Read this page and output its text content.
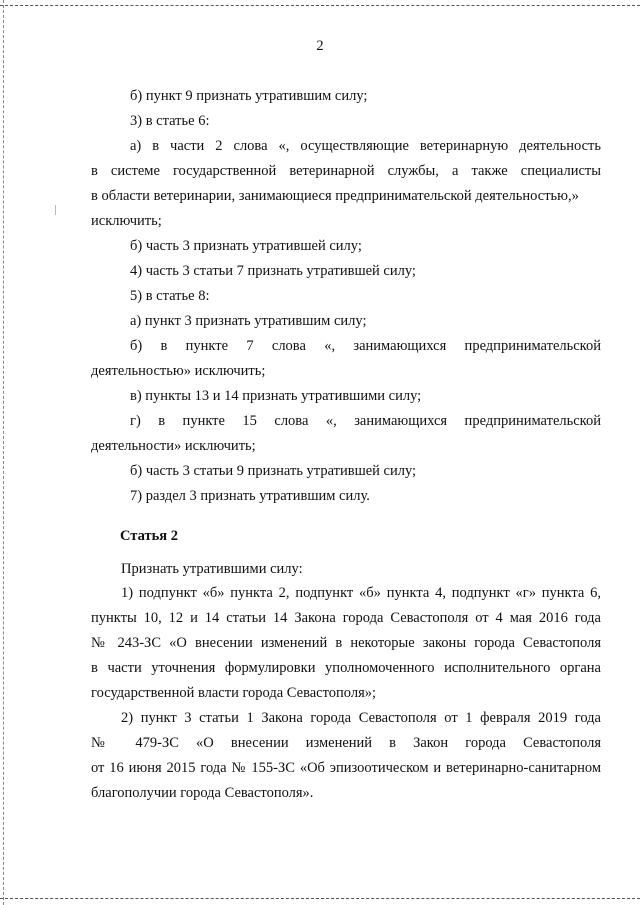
2
б) пункт 9 признать утратившим силу;
3) в статье 6:
а) в части 2 слова «, осуществляющие ветеринарную деятельность
в системе государственной ветеринарной службы, а также специалисты
в области ветеринарии, занимающиеся предпринимательской деятельностью,»
исключить;
б) часть 3 признать утратившей силу;
4) часть 3 статьи 7 признать утратившей силу;
5) в статье 8:
а) пункт 3 признать утратившим силу;
б) в пункте 7 слова «, занимающихся предпринимательской
деятельностью» исключить;
в) пункты 13 и 14 признать утратившими силу;
г) в пункте 15 слова «, занимающихся предпринимательской
деятельности» исключить;
б) часть 3 статьи 9 признать утратившей силу;
7) раздел 3 признать утратившим силу.
Статья 2
Признать утратившими силу:
1) подпункт «б» пункта 2, подпункт «б» пункта 4, подпункт «г» пункта 6,
пункты 10, 12 и 14 статьи 14 Закона города Севастополя от 4 мая 2016 года
№ 243-ЗС «О внесении изменений в некоторые законы города Севастополя
в части уточнения формулировки уполномоченного исполнительного органа
государственной власти города Севастополя»;
2) пункт 3 статьи 1 Закона города Севастополя от 1 февраля 2019 года
№ 479-ЗС «О внесении изменений в Закон города Севастополя
от 16 июня 2015 года № 155-ЗС «Об эпизоотическом и ветеринарно-санитарном
благополучии города Севастополя».
